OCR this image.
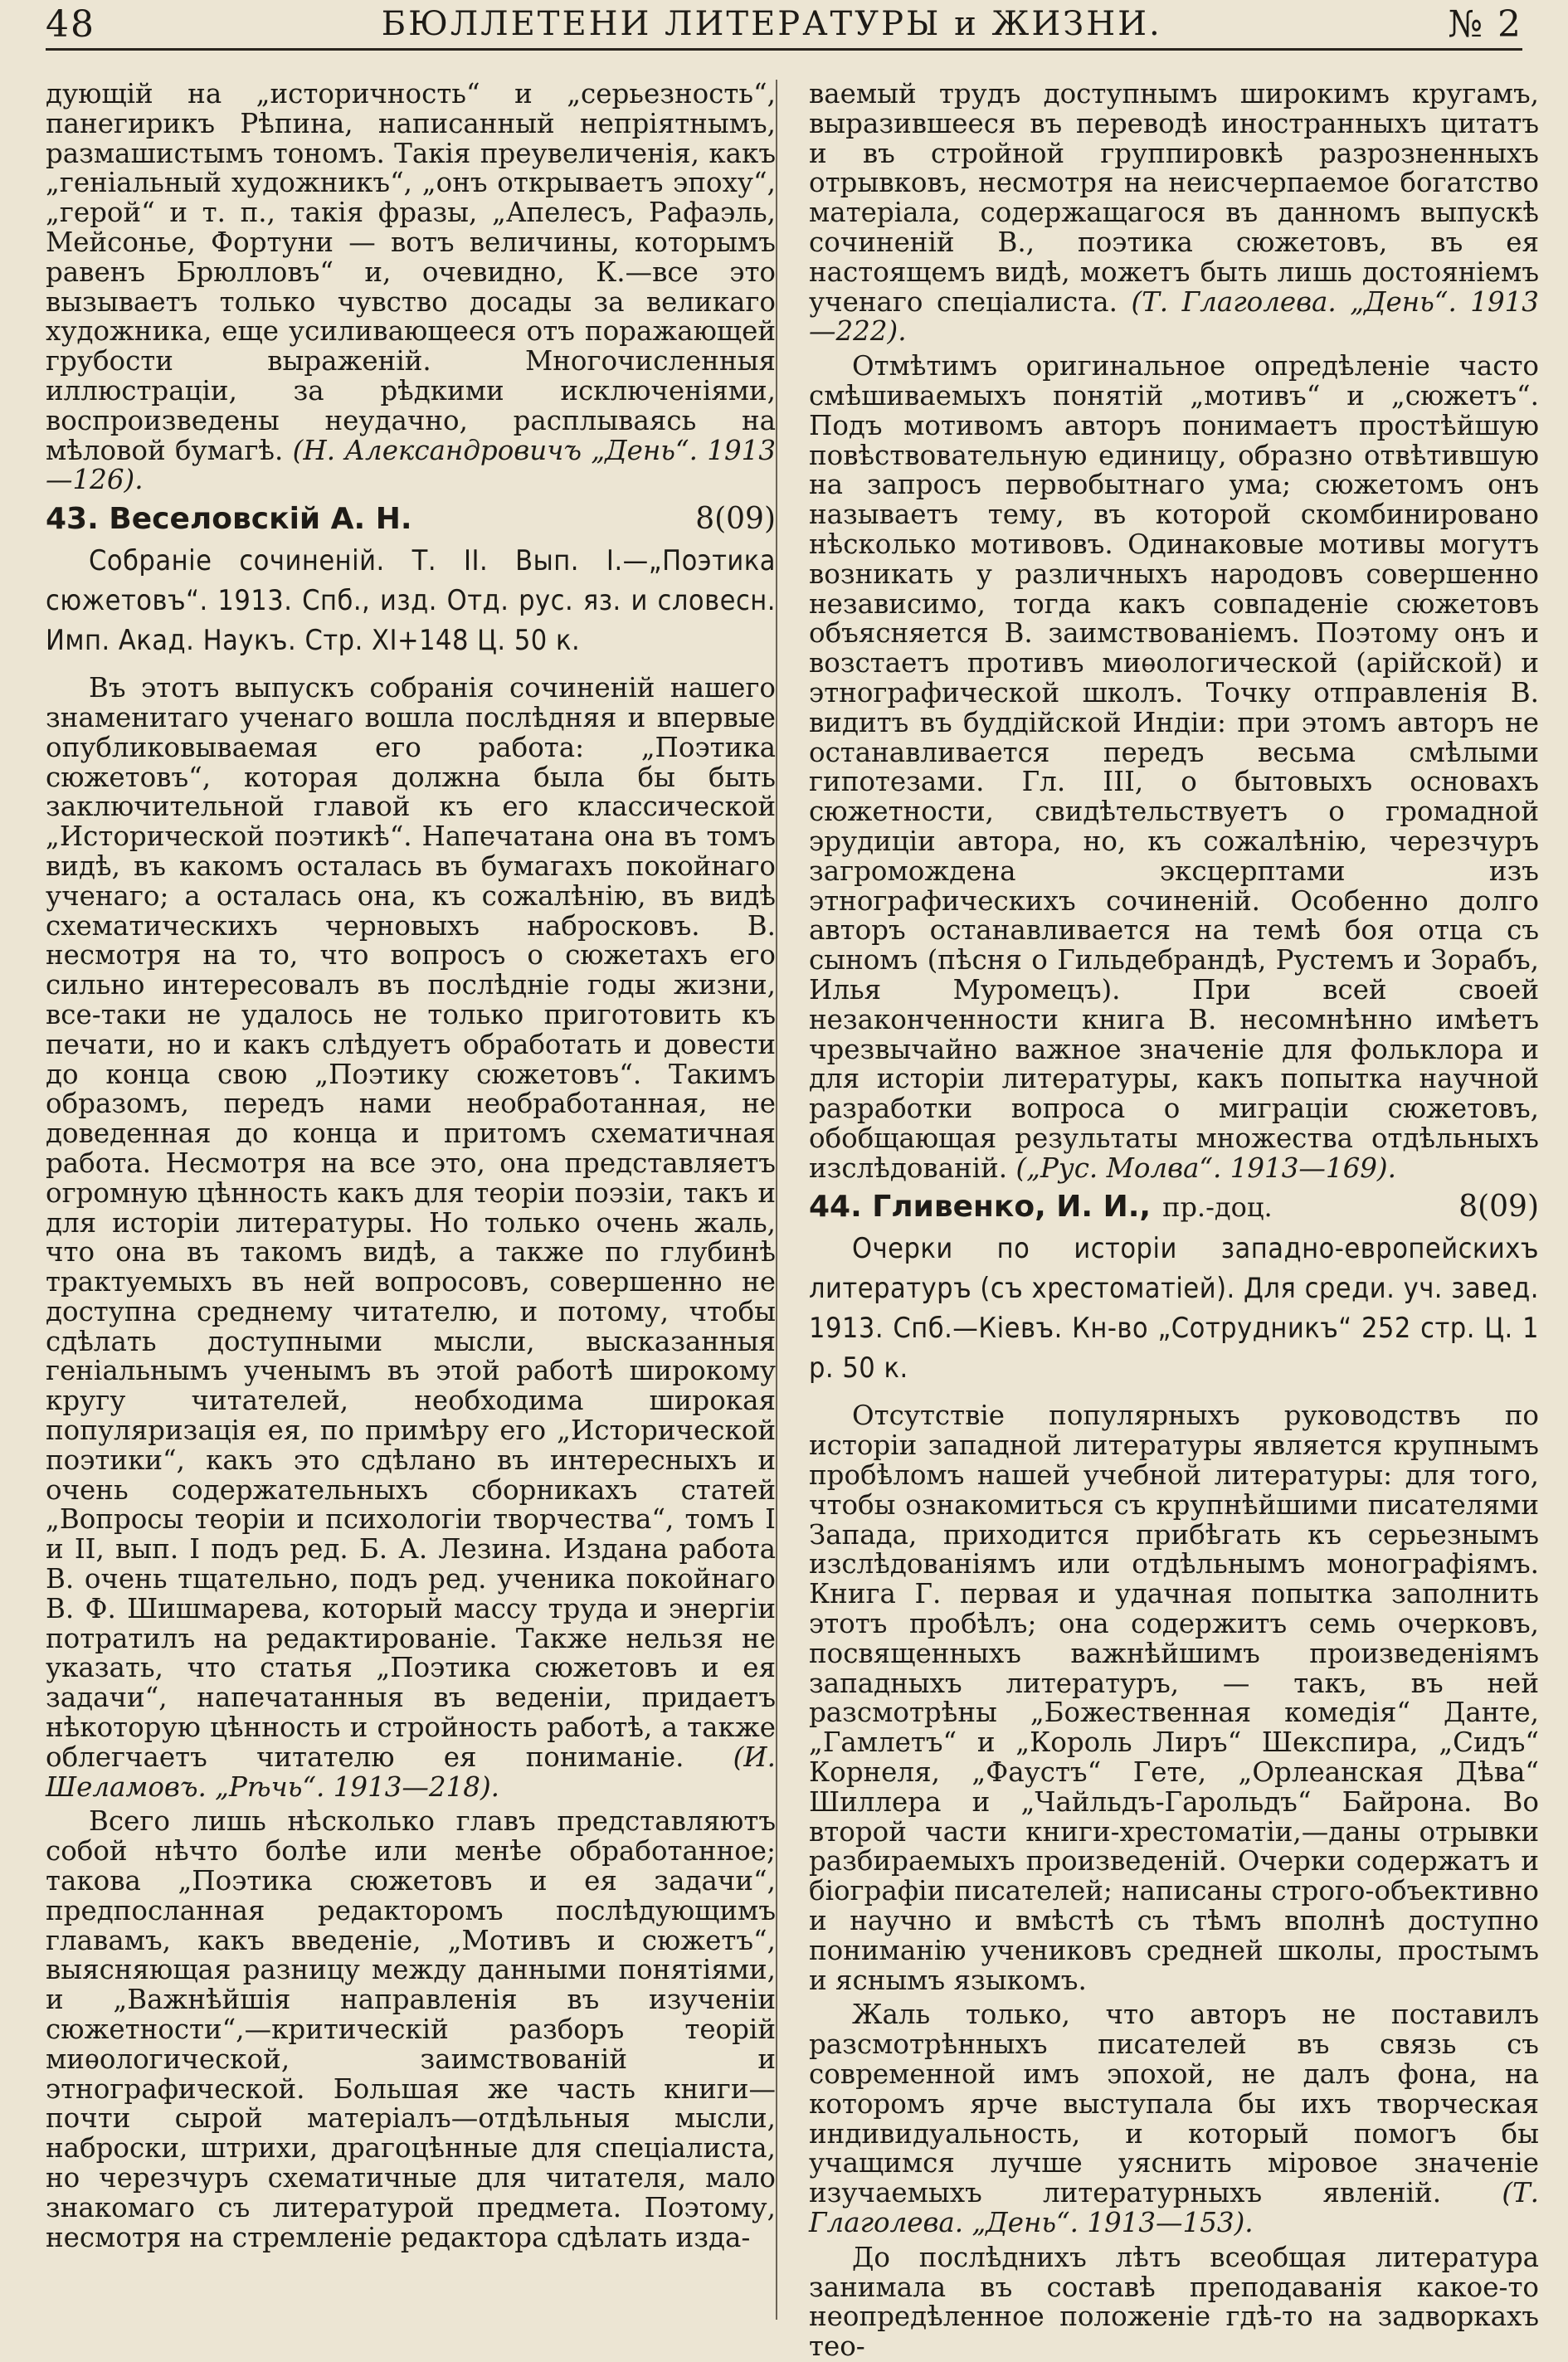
48	БЮЛЛЕТЕНИ ЛИТЕРАТУРЫ и ЖИЗНИ.	№ 2

дующій на „историчность“ и „серьезность“, панегирикъ Рѣпина, написанный непріятнымъ, размашистымъ тономъ. Такія преувеличенія, какъ „геніальный художникъ“, „онъ открываетъ эпоху“, „герой“ и т. п., такія фразы, „Апелесъ, Рафаэль, Мейсонье, Фортуни — вотъ величины, которымъ равенъ Брюлловъ“ и, очевидно, К.—все это вызываетъ только чувство досады за великаго художника, еще усиливающееся отъ поражающей грубости выраженій. Многочисленныя иллюстраціи, за рѣдкими исключеніями, воспроизведены неудачно, расплываясь на мѣловой бумагѣ. (Н. Александровичъ „День“. 1913—126).

43. Веселовскій А. Н.	8(09)

Собраніе сочиненій. Т. II. Вып. I.—„Поэтика сюжетовъ“. 1913. Спб., изд. Отд. рус. яз. и словесн. Имп. Акад. Наукъ. Стр. XI+148 Ц. 50 к.

Въ этотъ выпускъ собранія сочиненій нашего знаменитаго ученаго вошла послѣдняя и впервые опубликовываемая его работа: „Поэтика сюжетовъ“, которая должна была бы быть заключительной главой къ его классической „Исторической поэтикѣ“. Напечатана она въ томъ видѣ, въ какомъ осталась въ бумагахъ покойнаго ученаго; а осталась она, къ сожалѣнію, въ видѣ схематическихъ черновыхъ набросковъ. В. несмотря на то, что вопросъ о сюжетахъ его сильно интересовалъ въ послѣдніе годы жизни, все-таки не удалось не только приготовить къ печати, но и какъ слѣдуетъ обработать и довести до конца свою „Поэтику сюжетовъ“. Такимъ образомъ, передъ нами необработанная, не доведенная до конца и притомъ схематичная работа. Несмотря на все это, она представляетъ огромную цѣнность какъ для теоріи поэзіи, такъ и для исторіи литературы. Но только очень жаль, что она въ такомъ видѣ, а также по глубинѣ трактуемыхъ въ ней вопросовъ, совершенно не доступна среднему читателю, и потому, чтобы сдѣлать доступными мысли, высказанныя геніальнымъ ученымъ въ этой работѣ широкому кругу читателей, необходима широкая популяризація ея, по примѣру его „Исторической поэтики“, какъ это сдѣлано въ интересныхъ и очень содержательныхъ сборникахъ статей „Вопросы теоріи и психологіи творчества“, томъ I и II, вып. I подъ ред. Б. А. Лезина. Издана работа В. очень тщательно, подъ ред. ученика покойнаго В. Ф. Шишмарева, который массу труда и энергіи потратилъ на редактированіе. Также нельзя не указать, что статья „Поэтика сюжетовъ и ея задачи“, напечатанныя въ веденіи, придаетъ нѣкоторую цѣнность и стройность работѣ, а также облегчаетъ читателю ея пониманіе. (И. Шеламовъ. „Рѣчь“. 1913—218).

Всего лишь нѣсколько главъ представляютъ собой нѣчто болѣе или менѣе обработанное; такова „Поэтика сюжетовъ и ея задачи“, предпосланная редакторомъ послѣдующимъ главамъ, какъ введеніе, „Мотивъ и сюжетъ“, выясняющая разницу между данными понятіями, и „Важнѣйшія направленія въ изученіи сюжетности“,—критическій разборъ теорій миѳологической, заимствованій и этнографической. Большая же часть книги—почти сырой матеріалъ—отдѣльныя мысли, наброски, штрихи, драгоцѣнные для спеціалиста, но черезчуръ схематичные для читателя, мало знакомаго съ литературой предмета. Поэтому, несмотря на стремленіе редактора сдѣлать изда-

ваемый трудъ доступнымъ широкимъ кругамъ, выразившееся въ переводѣ иностранныхъ цитатъ и въ стройной группировкѣ разрозненныхъ отрывковъ, несмотря на неисчерпаемое богатство матеріала, содержащагося въ данномъ выпускѣ сочиненій В., поэтика сюжетовъ, въ ея настоящемъ видѣ, можетъ быть лишь достояніемъ ученаго спеціалиста. (Т. Глаголева. „День“. 1913—222).

Отмѣтимъ оригинальное опредѣленіе часто смѣшиваемыхъ понятій „мотивъ“ и „сюжетъ“. Подъ мотивомъ авторъ понимаетъ простѣйшую повѣствовательную единицу, образно отвѣтившую на запросъ первобытнаго ума; сюжетомъ онъ называетъ тему, въ которой скомбинировано нѣсколько мотивовъ. Одинаковые мотивы могутъ возникать у различныхъ народовъ совершенно независимо, тогда какъ совпаденіе сюжетовъ объясняется В. заимствованіемъ. Поэтому онъ и возстаетъ противъ миѳологической (арійской) и этнографической школъ. Точку отправленія В. видитъ въ буддійской Индіи: при этомъ авторъ не останавливается передъ весьма смѣлыми гипотезами. Гл. III, о бытовыхъ основахъ сюжетности, свидѣтельствуетъ о громадной эрудиціи автора, но, къ сожалѣнію, черезчуръ загромождена эксцерптами изъ этнографическихъ сочиненій. Особенно долго авторъ останавливается на темѣ боя отца съ сыномъ (пѣсня о Гильдебрандѣ, Рустемъ и Зорабъ, Илья Муромецъ). При всей своей незаконченности книга В. несомнѣнно имѣетъ чрезвычайно важное значеніе для фольклора и для исторіи литературы, какъ попытка научной разработки вопроса о миграціи сюжетовъ, обобщающая результаты множества отдѣльныхъ изслѣдованій. („Рус. Молва“. 1913—169).

44. Гливенко, И. И., пр.-доц.	8(09)

Очерки по исторіи западно-европейскихъ литературъ (съ хрестоматіей). Для среди. уч. завед. 1913. Спб.—Кіевъ. Кн-во „Сотрудникъ“ 252 стр. Ц. 1 р. 50 к.

Отсутствіе популярныхъ руководствъ по исторіи западной литературы является крупнымъ пробѣломъ нашей учебной литературы: для того, чтобы ознакомиться съ крупнѣйшими писателями Запада, приходится прибѣгать къ серьезнымъ изслѣдованіямъ или отдѣльнымъ монографіямъ. Книга Г. первая и удачная попытка заполнить этотъ пробѣлъ; она содержитъ семь очерковъ, посвященныхъ важнѣйшимъ произведеніямъ западныхъ литературъ, — такъ, въ ней разсмотрѣны „Божественная комедія“ Данте, „Гамлетъ“ и „Король Лиръ“ Шекспира, „Сидъ“ Корнеля, „Фаустъ“ Гете, „Орлеанская Дѣва“ Шиллера и „Чайльдъ-Гарольдъ“ Байрона. Во второй части книги-хрестоматіи,—даны отрывки разбираемыхъ произведеній. Очерки содержатъ и біографіи писателей; написаны строго-объективно и научно и вмѣстѣ съ тѣмъ вполнѣ доступно пониманію учениковъ средней школы, простымъ и яснымъ языкомъ.

Жаль только, что авторъ не поставилъ разсмотрѣнныхъ писателей въ связь съ современной имъ эпохой, не далъ фона, на которомъ ярче выступала бы ихъ творческая индивидуальность, и который помогъ бы учащимся лучше уяснить міровое значеніе изучаемыхъ литературныхъ явленій. (Т. Глаголева. „День“. 1913—153).

До послѣднихъ лѣтъ всеобщая литература занимала въ составѣ преподаванія какое-то неопредѣленное положеніе гдѣ-то на задворкахъ тео-
